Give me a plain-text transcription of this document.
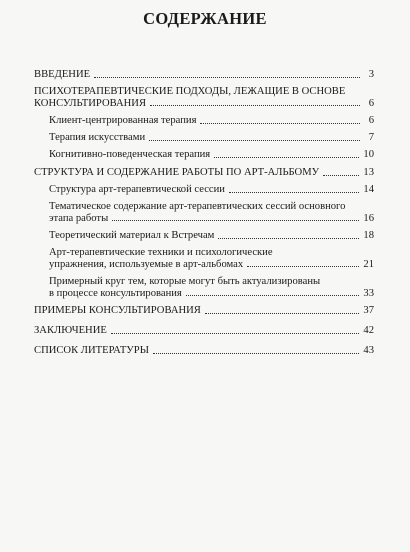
СОДЕРЖАНИЕ
ВВЕДЕНИЕ	3
ПСИХОТЕРАПЕВТИЧЕСКИЕ ПОДХОДЫ, ЛЕЖАЩИЕ В ОСНОВЕ
КОНСУЛЬТИРОВАНИЯ	6
Клиент-центрированная терапия	6
Терапия искусствами	7
Когнитивно-поведенческая терапия	10
СТРУКТУРА И СОДЕРЖАНИЕ РАБОТЫ ПО АРТ-АЛЬБОМУ	13
Структура арт-терапевтической сессии	14
Тематическое содержание арт-терапевтических сессий основного
этапа работы	16
Теоретический материал к Встречам	18
Арт-терапевтические техники и психологические
упражнения, используемые в арт-альбомах	21
Примерный круг тем, которые могут быть актуализированы
в процессе консультирования	33
ПРИМЕРЫ КОНСУЛЬТИРОВАНИЯ	37
ЗАКЛЮЧЕНИЕ	42
СПИСОК ЛИТЕРАТУРЫ	43
